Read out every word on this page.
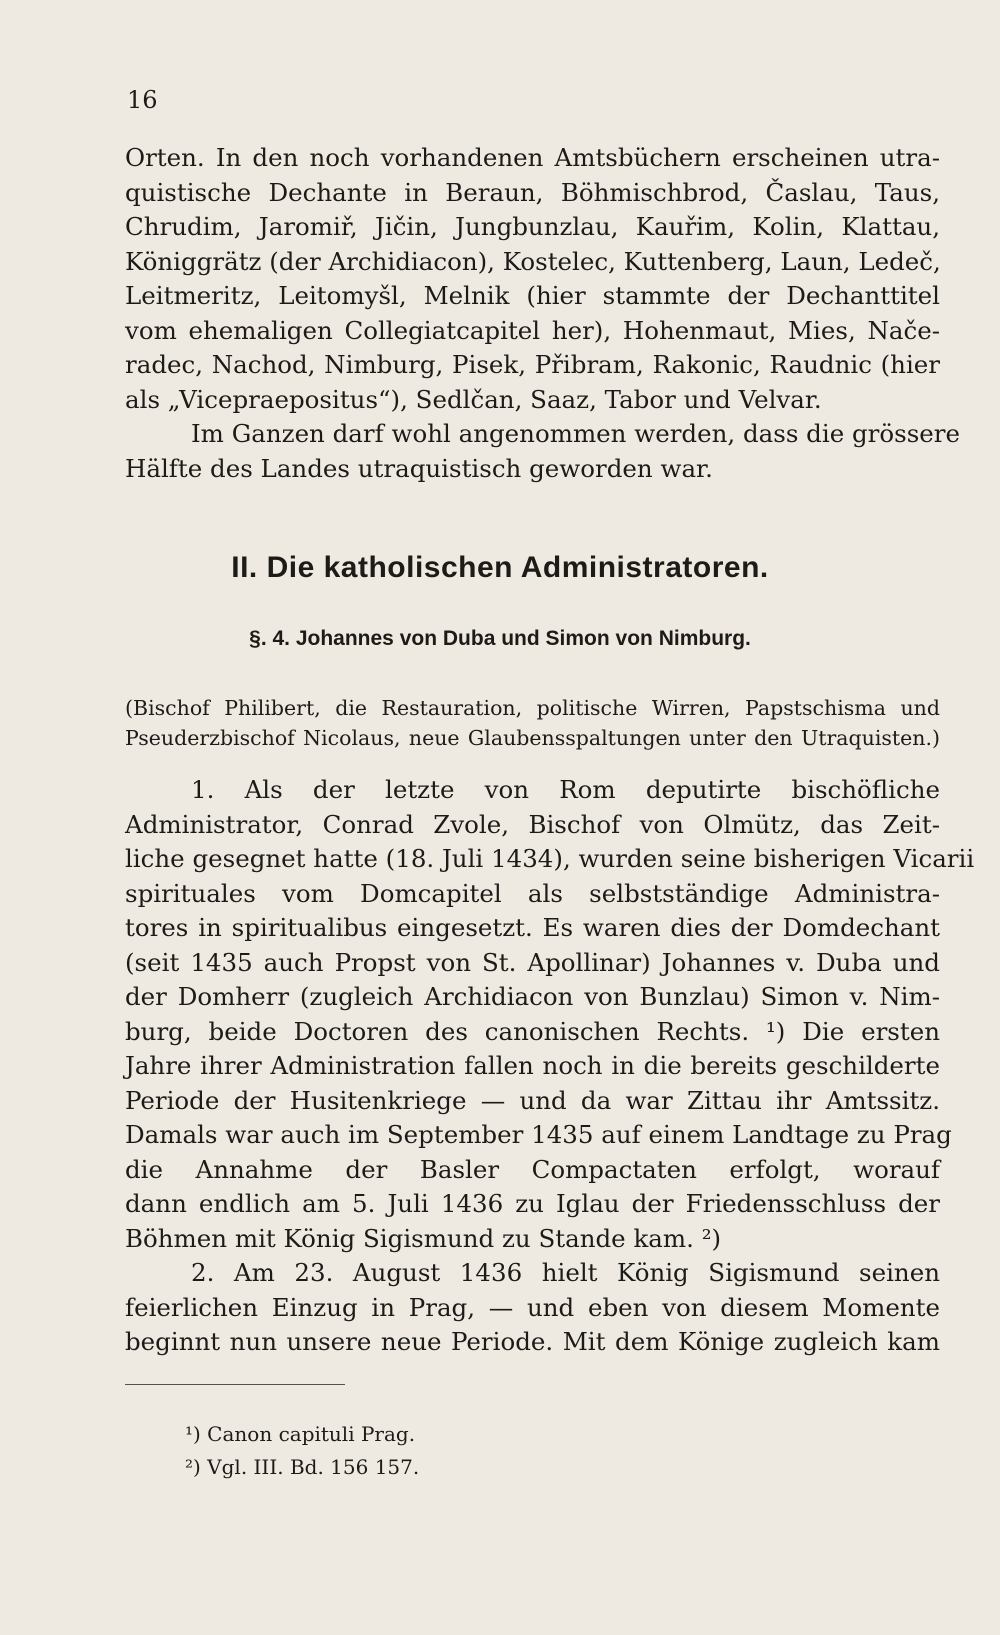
16
Orten. In den noch vorhandenen Amtsbüchern erscheinen utra-
quistische Dechante in Beraun, Böhmischbrod, Časlau, Taus,
Chrudim, Jaromiř, Jičin, Jungbunzlau, Kauřim, Kolin, Klattau,
Königgrätz (der Archidiacon), Kostelec, Kuttenberg, Laun, Ledeč,
Leitmeritz, Leitomyšl, Melnik (hier stammte der Dechanttitel
vom ehemaligen Collegiatcapitel her), Hohenmaut, Mies, Nače-
radec, Nachod, Nimburg, Pisek, Přibram, Rakonic, Raudnic (hier
als „Vicepraepositus“), Sedlčan, Saaz, Tabor und Velvar.
Im Ganzen darf wohl angenommen werden, dass die grössere
Hälfte des Landes utraquistisch geworden war.
II. Die katholischen Administratoren.
§. 4. Johannes von Duba und Simon von Nimburg.
(Bischof Philibert, die Restauration, politische Wirren, Papstschisma und
Pseuderzbischof Nicolaus, neue Glaubensspaltungen unter den Utraquisten.)
1. Als der letzte von Rom deputirte bischöfliche
Administrator, Conrad Zvole, Bischof von Olmütz, das Zeit-
liche gesegnet hatte (18. Juli 1434), wurden seine bisherigen Vicarii
spirituales vom Domcapitel als selbstständige Administra-
tores in spiritualibus eingesetzt. Es waren dies der Domdechant
(seit 1435 auch Propst von St. Apollinar) Johannes v. Duba und
der Domherr (zugleich Archidiacon von Bunzlau) Simon v. Nim-
burg, beide Doctoren des canonischen Rechts. ¹) Die ersten
Jahre ihrer Administration fallen noch in die bereits geschilderte
Periode der Husitenkriege — und da war Zittau ihr Amtssitz.
Damals war auch im September 1435 auf einem Landtage zu Prag
die Annahme der Basler Compactaten erfolgt, worauf
dann endlich am 5. Juli 1436 zu Iglau der Friedensschluss der
Böhmen mit König Sigismund zu Stande kam. ²)
2. Am 23. August 1436 hielt König Sigismund seinen
feierlichen Einzug in Prag, — und eben von diesem Momente
beginnt nun unsere neue Periode. Mit dem Könige zugleich kam
¹) Canon capituli Prag.
²) Vgl. III. Bd. 156 157.
